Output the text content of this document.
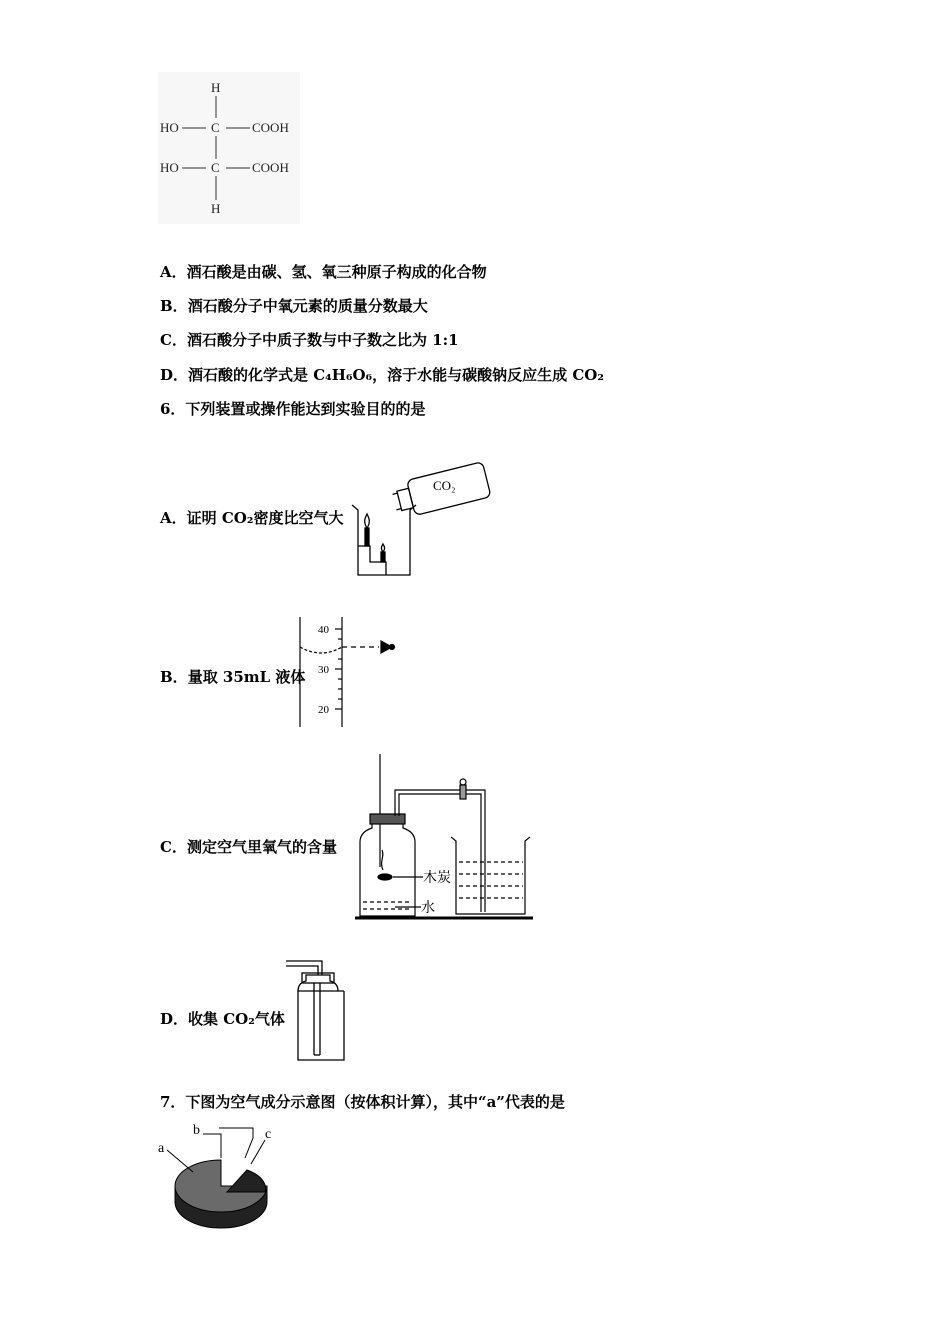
H
HO C COOH
HO C COOH
H
A．酒石酸是由碳、氢、氧三种原子构成的化合物
B．酒石酸分子中氧元素的质量分数最大
C．酒石酸分子中质子数与中子数之比为 1:1
D．酒石酸的化学式是 C₄H₆O₆，溶于水能与碳酸钠反应生成 CO₂
6．下列装置或操作能达到实验目的的是
A．证明 CO₂密度比空气大
CO₂
B．量取 35mL 液体
40
30
20
C．测定空气里氧气的含量
木炭
水
D．收集 CO₂气体
7．下图为空气成分示意图（按体积计算），其中“a”代表的是
a
b	c
